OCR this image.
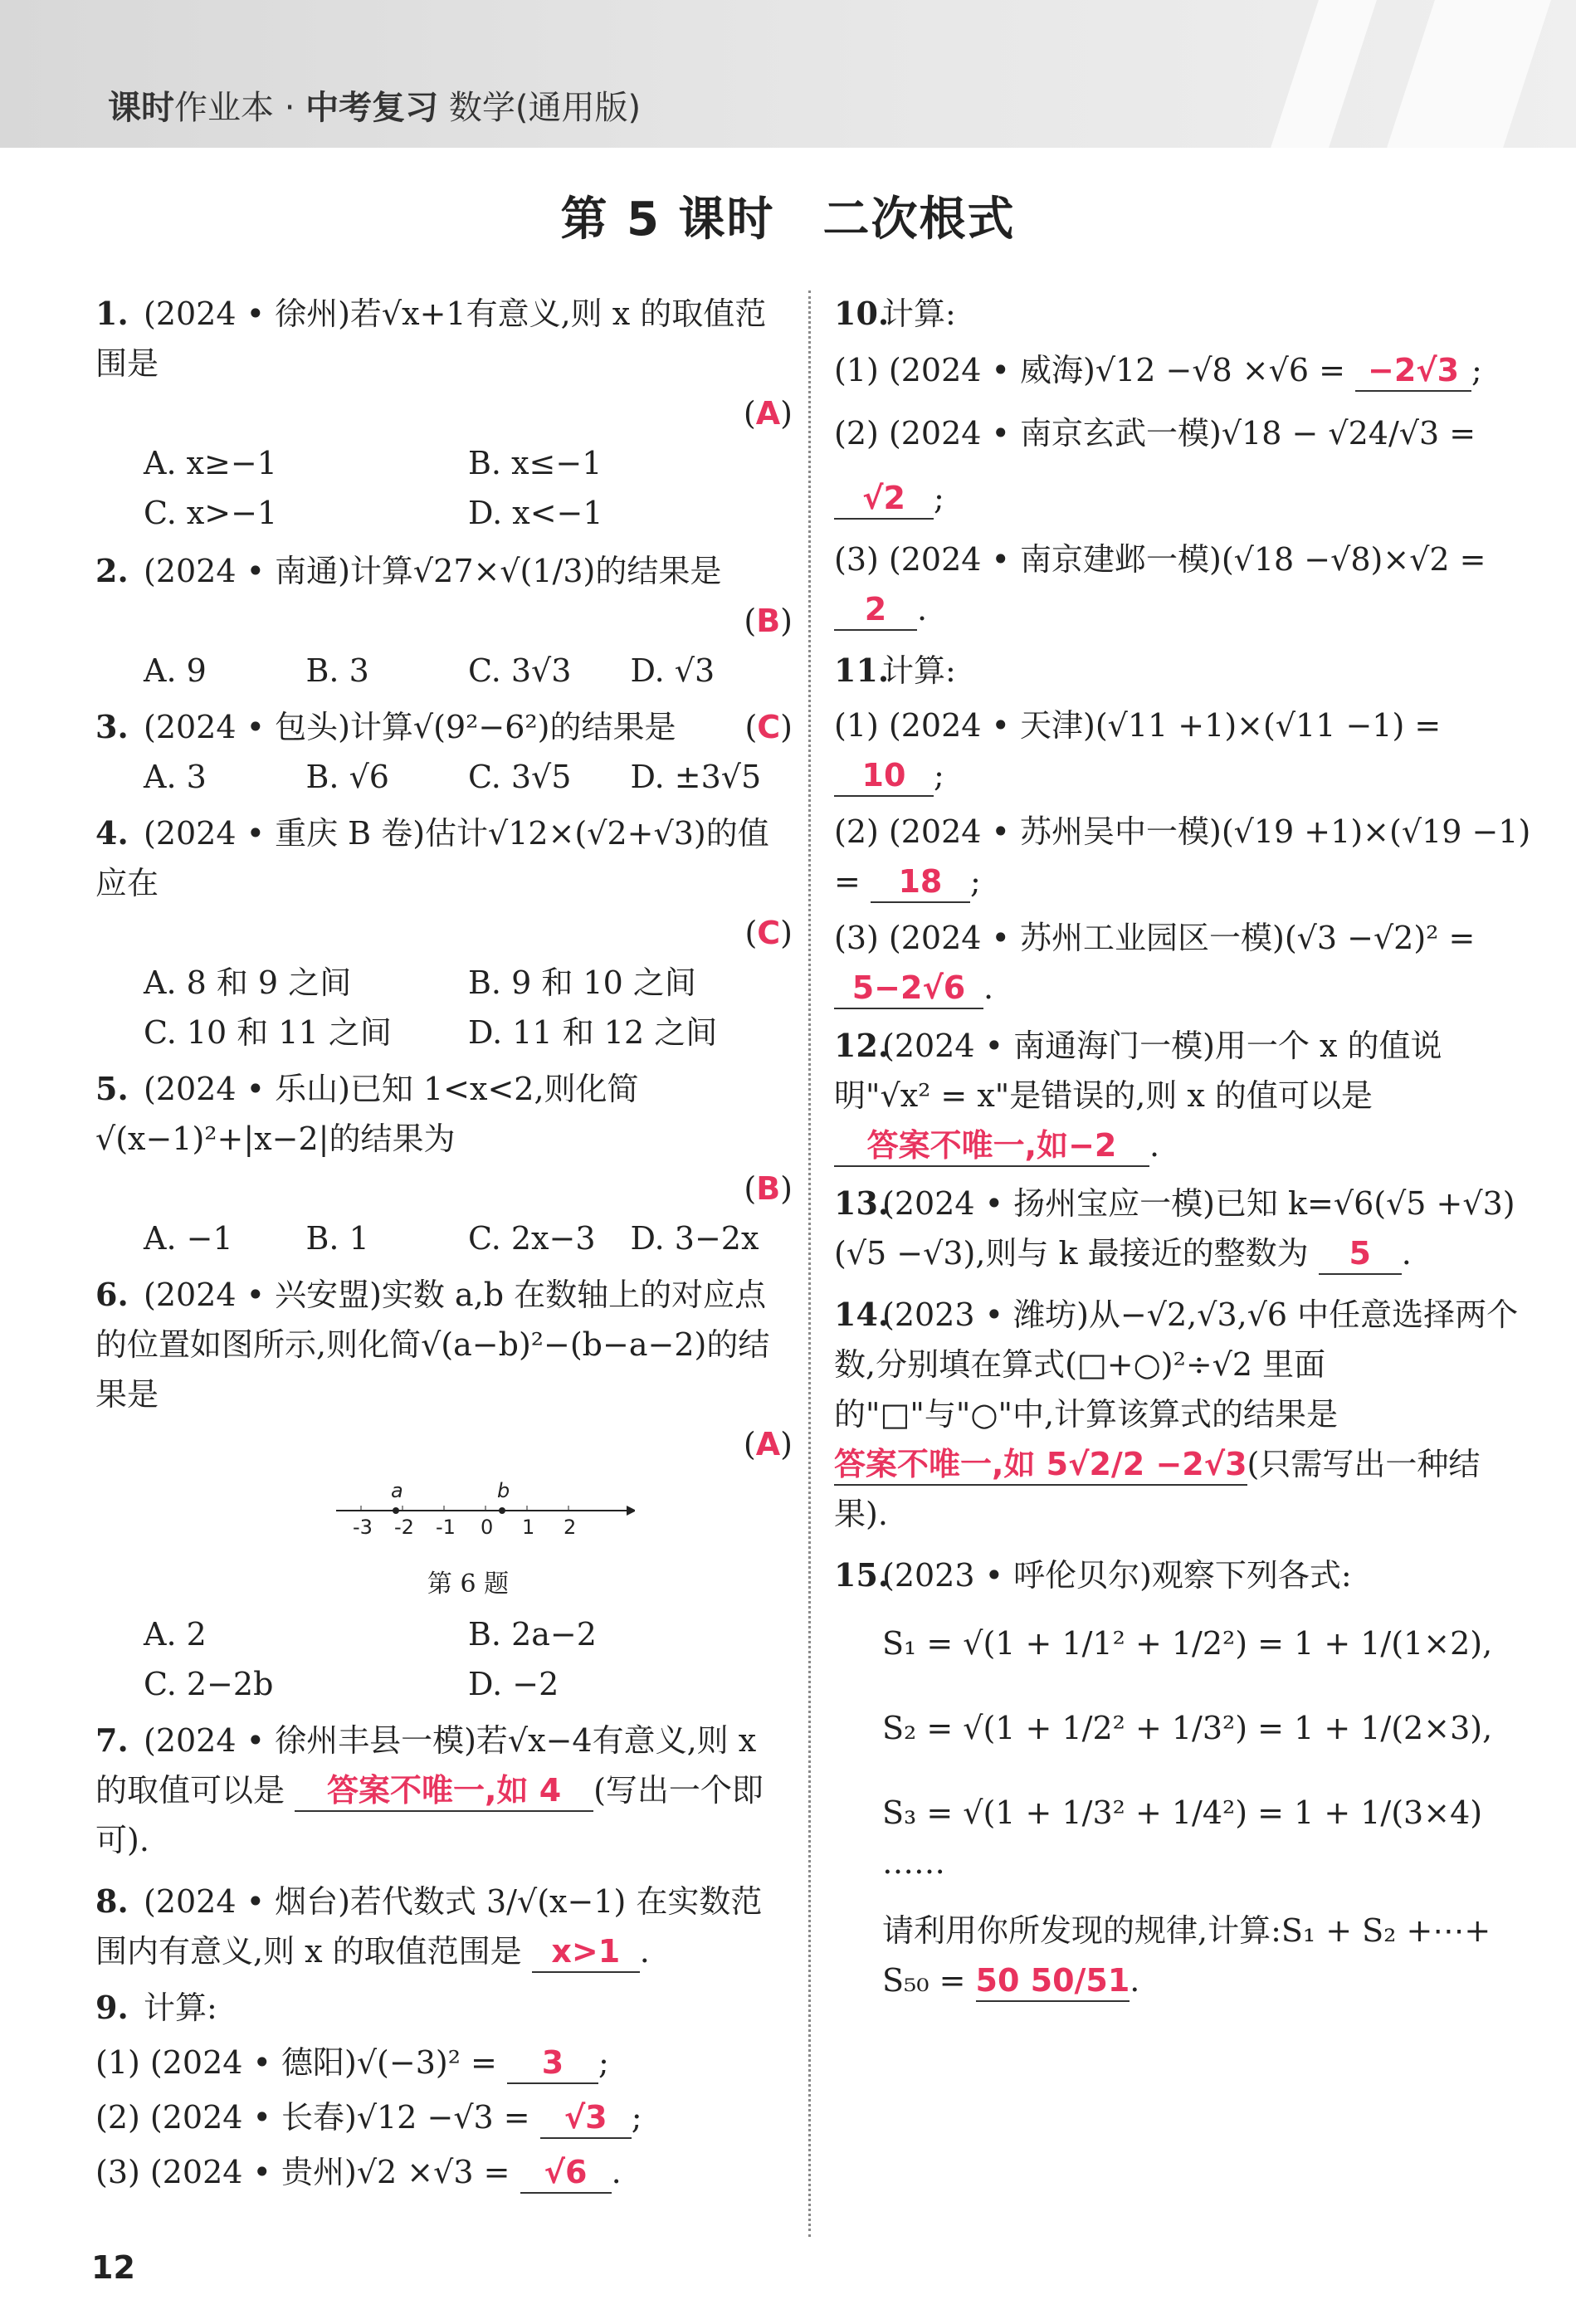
课时作业本 · 中考复习 数学(通用版)
第 5 课时　二次根式
1. (2024 • 徐州)若√x+1有意义,则 x 的取值范围是
(A)
A. x≥−1	B. x≤−1
C. x>−1	D. x<−1
2. (2024 • 南通)计算√27×√(1/3)的结果是
(B)
A. 9	B. 3	C. 3√3	D. √3
3. (2024 • 包头)计算√(9²−6²)的结果是 (C)
A. 3	B. √6	C. 3√5	D. ±3√5
4. (2024 • 重庆 B 卷)估计√12×(√2+√3)的值应在
(C)
A. 8 和 9 之间	B. 9 和 10 之间
C. 10 和 11 之间	D. 11 和 12 之间
5. (2024 • 乐山)已知 1<x<2,则化简√(x−1)²+|x−2|的结果为
(B)
A. −1	B. 1	C. 2x−3	D. 3−2x
6. (2024 • 兴安盟)实数 a,b 在数轴上的对应点的位置如图所示,则化简√(a−b)²−(b−a−2)的结果是
(A)
-3 -2 -1 0 1 2
a	b
第 6 题
A. 2	B. 2a−2
C. 2−2b	D. −2
7. (2024 • 徐州丰县一模)若√x−4有意义,则 x 的取值可以是 答案不唯一,如 4 (写出一个即可).
8. (2024 • 烟台)若代数式 3/√(x−1) 在实数范围内有意义,则 x 的取值范围是 x>1 .
9. 计算:
(1) (2024 • 德阳)√(−3)² = 3 ;
(2) (2024 • 长春)√12 −√3 = √3 ;
(3) (2024 • 贵州)√2 ×√3 = √6 .
10.计算:
(1) (2024 • 威海)√12 −√8 ×√6 = −2√3 ;
(2) (2024 • 南京玄武一模)√18 − √24/√3 =
√2 ;
(3) (2024 • 南京建邺一模)(√18 −√8)×√2 = 2 .
11.计算:
(1) (2024 • 天津)(√11 +1)×(√11 −1) =
10 ;
(2) (2024 • 苏州吴中一模)(√19 +1)×(√19 −1) = 18 ;
(3) (2024 • 苏州工业园区一模)(√3 −√2)² = 5−2√6 .
12.(2024 • 南通海门一模)用一个 x 的值说明"√x² = x"是错误的,则 x 的值可以是 答案不唯一,如−2 .
13.(2024 • 扬州宝应一模)已知 k=√6(√5 +√3)(√5 −√3),则与 k 最接近的整数为 5 .
14.(2023 • 潍坊)从−√2,√3,√6 中任意选择两个数,分别填在算式(□+○)²÷√2 里面的"□"与"○"中,计算该算式的结果是 答案不唯一,如 5√2/2 −2√3(只需写出一种结果).
15.(2023 • 呼伦贝尔)观察下列各式:
S₁ = √(1 + 1/1² + 1/2²) = 1 + 1/(1×2),
S₂ = √(1 + 1/2² + 1/3²) = 1 + 1/(2×3),
S₃ = √(1 + 1/3² + 1/4²) = 1 + 1/(3×4) ……
请利用你所发现的规律,计算:S₁ + S₂ +⋯+ S₅₀ = 50 50/51.
12
